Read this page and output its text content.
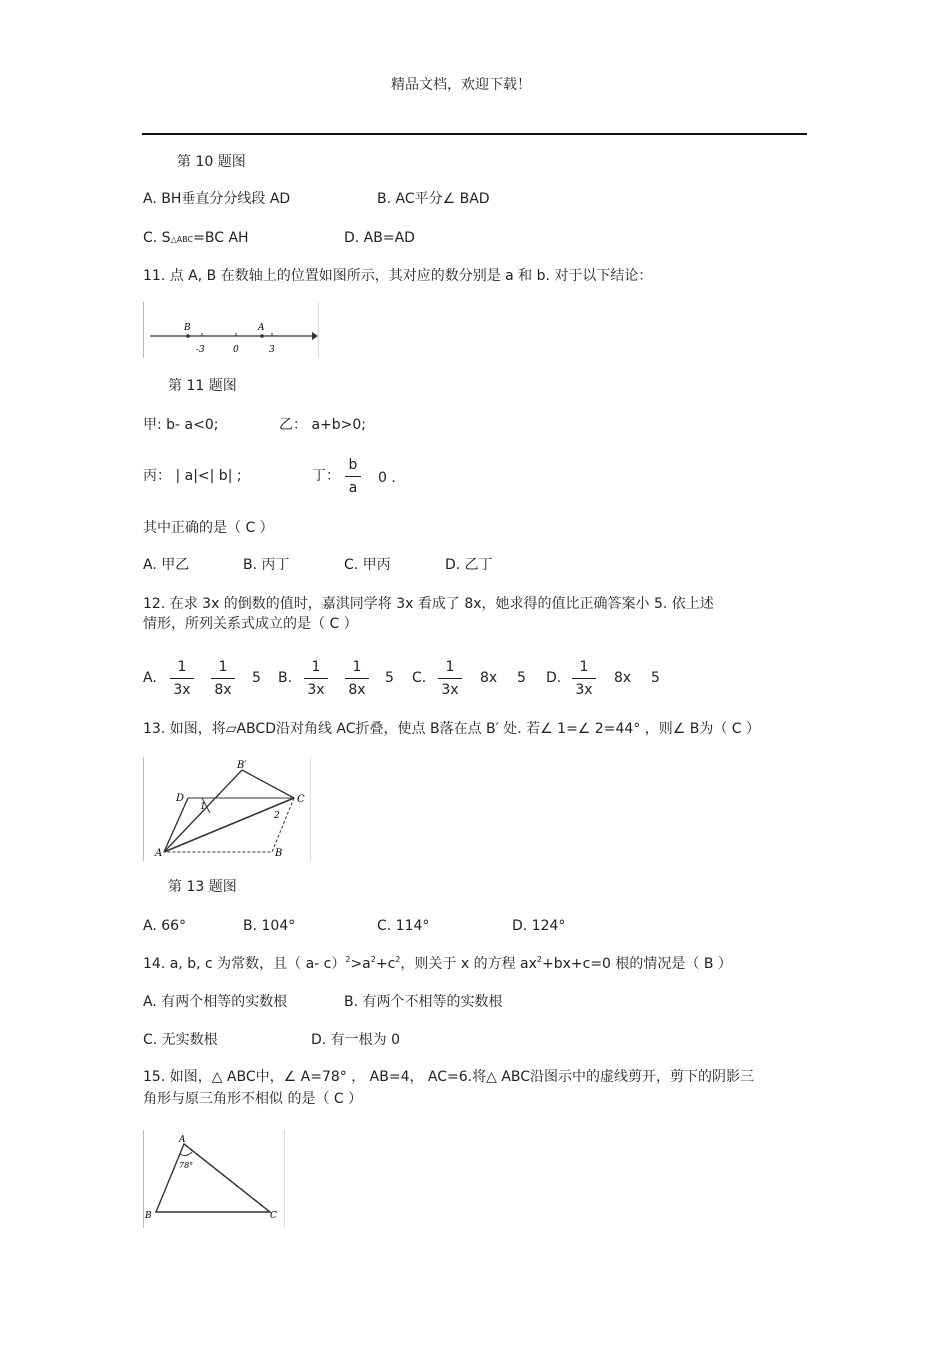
精品文档，欢迎下载！
第 10 题图
A. BH垂直分分线段 AD	B. AC平分∠ BAD
C. S△ABC=BC AH	D. AB=AD
11. 点 A, B 在数轴上的位置如图所示，其对应的数分别是 a 和 b. 对于以下结论：
B	A
-3	0	3
第 11 题图
甲: b- a<0;	乙： a+b>0;
丙： | a|<| b| ;	丁：
b
a
0 .
其中正确的是（ C ）
A. 甲乙	B. 丙丁	C. 甲丙	D. 乙丁
12. 在求 3x 的倒数的值时，嘉淇同学将 3x 看成了 8x，她求得的值比正确答案小 5. 依上述
情形，所列关系式成立的是（ C ）
A.
1
3x
1
8x
5 B.
1
3x
1
8x
5 C.
1
3x
8x 5 D.
1
3x
8x 5
13. 如图，将▱ABCD沿对角线 AC折叠，使点 B落在点 B′ 处. 若∠ 1=∠ 2=44° ，则∠ B为（ C ）
B′
D	C
A	B
1
2
第 13 题图
A. 66°	B. 104°	C. 114°	D. 124°
14. a, b, c 为常数，且（ a- $c)^2>a^2+c^2$，则关于 x 的方程 $ax^2+bx+c=0$ 根的情况是（ B ）
A. 有两个相等的实数根	B. 有两个不相等的实数根
C. 无实数根	D. 有一根为 0
15. 如图，△ ABC中，∠ A=78° ， AB=4， AC=6.将△ ABC沿图示中的虚线剪开，剪下的阴影三
角形与原三角形不相似 的是（ C ）
A
78°
B	C
